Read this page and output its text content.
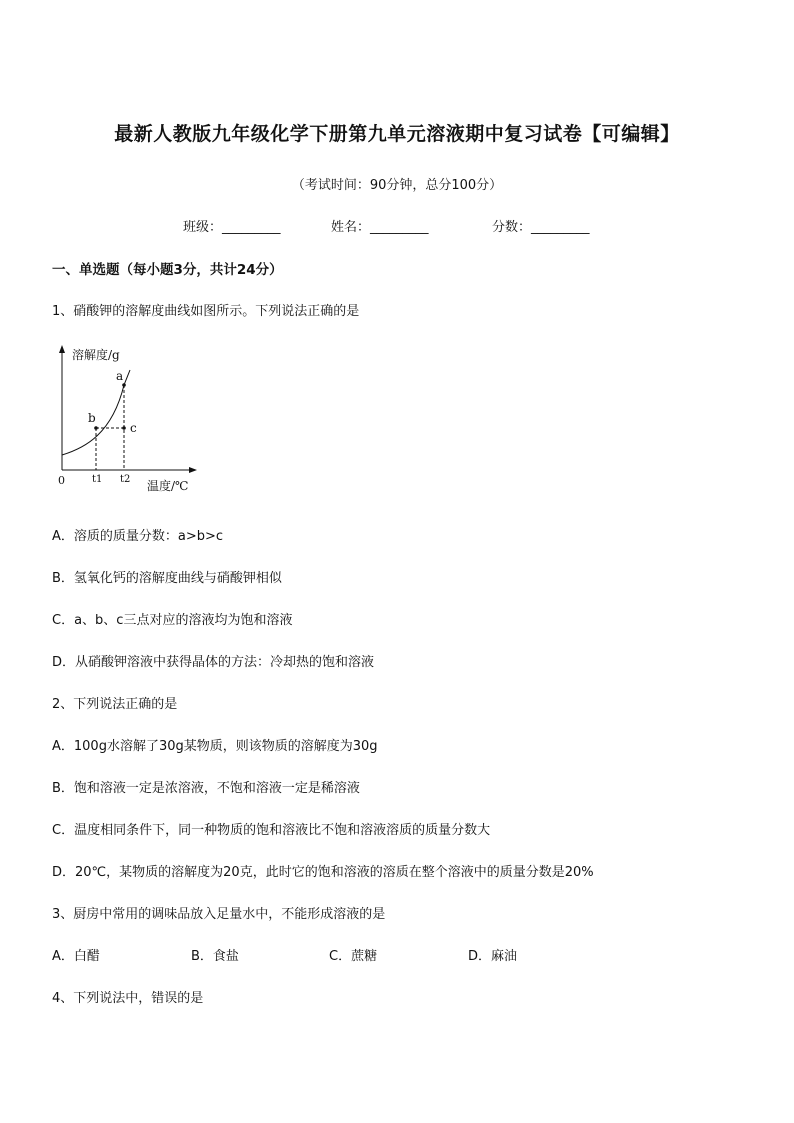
最新人教版九年级化学下册第九单元溶液期中复习试卷【可编辑】
（考试时间：90分钟，总分100分）
班级：_________	姓名：_________	分数：_________
一、单选题（每小题3分，共计24分）
1、硝酸钾的溶解度曲线如图所示。下列说法正确的是
溶解度/g
a
b
c
0	t1 t2 温度/℃
A．溶质的质量分数：a>b>c
B．氢氧化钙的溶解度曲线与硝酸钾相似
C．a、b、c三点对应的溶液均为饱和溶液
D．从硝酸钾溶液中获得晶体的方法：冷却热的饱和溶液
2、下列说法正确的是
A．100g水溶解了30g某物质，则该物质的溶解度为30g
B．饱和溶液一定是浓溶液，不饱和溶液一定是稀溶液
C．温度相同条件下，同一种物质的饱和溶液比不饱和溶液溶质的质量分数大
D．20℃，某物质的溶解度为20克，此时它的饱和溶液的溶质在整个溶液中的质量分数是20%
3、厨房中常用的调味品放入足量水中，不能形成溶液的是
A．白醋	B．食盐	C．蔗糖	D．麻油
4、下列说法中，错误的是
